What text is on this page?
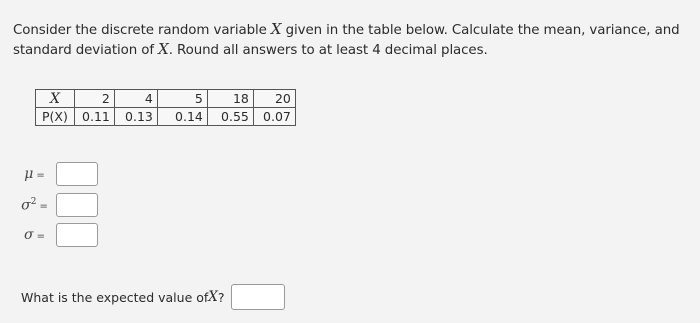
Consider the discrete random variable X given in the table below. Calculate the mean, variance, and standard deviation of X. Round all answers to at least 4 decimal places.
X	2	4	5	18	20
P(X)	0.11	0.13	0.14	0.55	0.07
μ =
$\sigma^2$ =
σ =
What is the expected value of X ?
